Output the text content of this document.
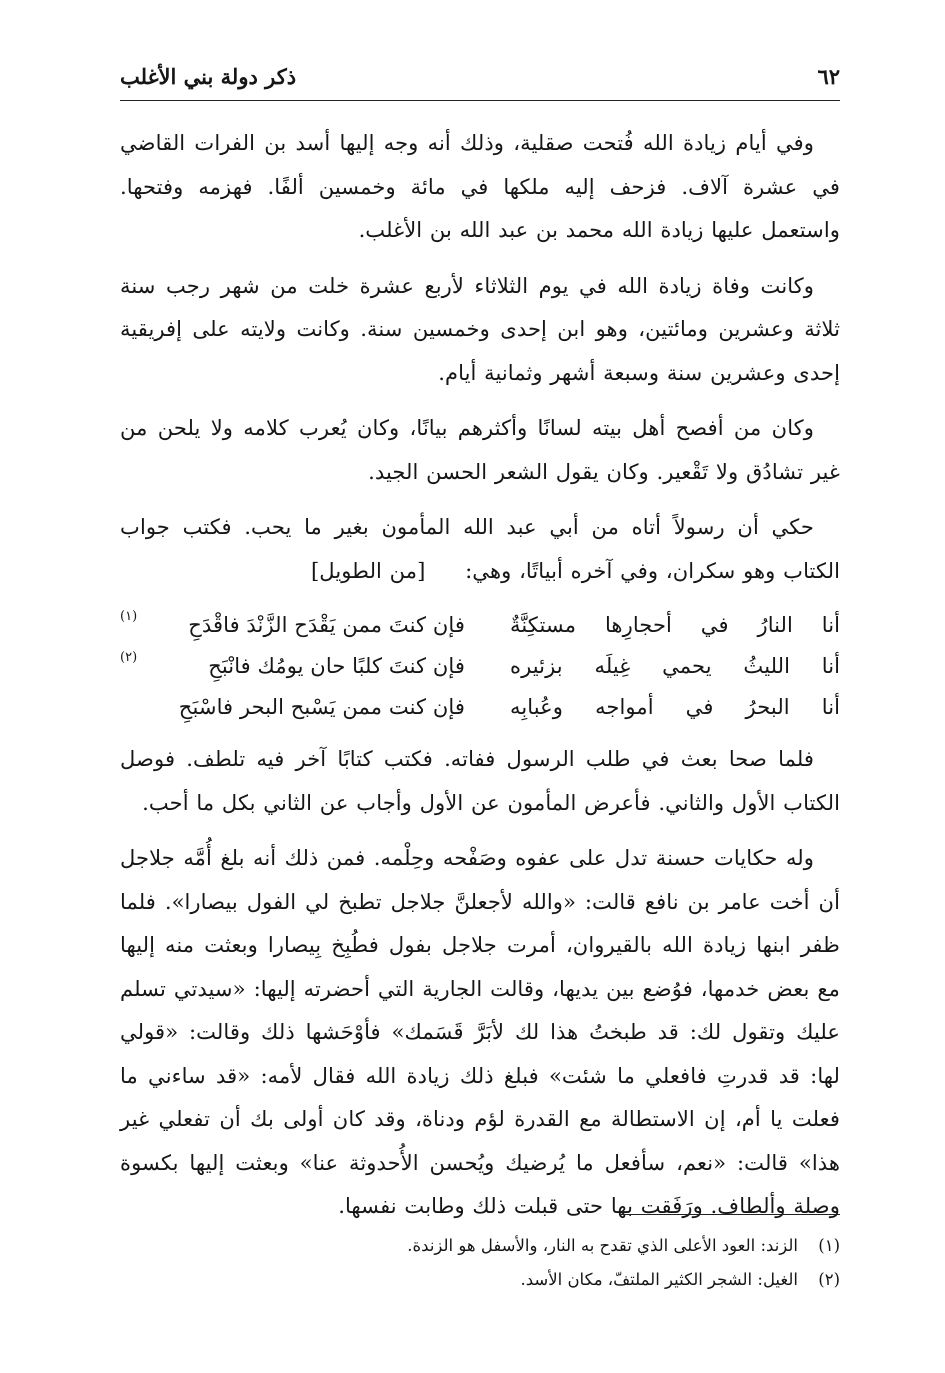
٦٢
ذكر دولة بني الأغلب

وفي أيام زيادة الله فُتحت صقلية، وذلك أنه وجه إليها أسد بن الفرات القاضي في عشرة آلاف. فزحف إليه ملكها في مائة وخمسين ألفًا. فهزمه وفتحها. واستعمل عليها زيادة الله محمد بن عبد الله بن الأغلب.

وكانت وفاة زيادة الله في يوم الثلاثاء لأربع عشرة خلت من شهر رجب سنة ثلاثة وعشرين ومائتين، وهو ابن إحدى وخمسين سنة. وكانت ولايته على إفريقية إحدى وعشرين سنة وسبعة أشهر وثمانية أيام.

وكان من أفصح أهل بيته لسانًا وأكثرهم بيانًا، وكان يُعرب كلامه ولا يلحن من غير تشادُق ولا تَقْعير. وكان يقول الشعر الحسن الجيد.

حكي أن رسولاً أتاه من أبي عبد الله المأمون بغير ما يحب. فكتب جواب الكتاب وهو سكران، وفي آخره أبياتًا، وهي: [من الطويل]

أنا النارُ في أحجارِها مستكِنَّةٌ
فإن كنتَ ممن يَقْدَح الزَّنْدَ فاقْدَحِ
(١)
أنا الليثُ يحمي غِيلَه بزئيره
فإن كنتَ كلبًا حان يومُك فانْبَحِ
(٢)
أنا البحرُ في أمواجه وعُبابِه
فإن كنت ممن يَسْبح البحر فاسْبَحِ

فلما صحا بعث في طلب الرسول ففاته. فكتب كتابًا آخر فيه تلطف. فوصل الكتاب الأول والثاني. فأعرض المأمون عن الأول وأجاب عن الثاني بكل ما أحب.

وله حكايات حسنة تدل على عفوه وصَفْحه وحِلْمه. فمن ذلك أنه بلغ أُمَّه جلاجل أن أخت عامر بن نافع قالت: «والله لأجعلنَّ جلاجل تطبخ لي الفول بيصارا». فلما ظفر ابنها زيادة الله بالقيروان، أمرت جلاجل بفول فطُبِخ بِيصارا وبعثت منه إليها مع بعض خدمها، فوُضع بين يديها، وقالت الجارية التي أحضرته إليها: «سيدتي تسلم عليك وتقول لك: قد طبختُ هذا لك لأبَرَّ قَسَمك» فأوْحَشها ذلك وقالت: «قولي لها: قد قدرتِ فافعلي ما شئت» فبلغ ذلك زيادة الله فقال لأمه: «قد ساءني ما فعلت يا أم، إن الاستطالة مع القدرة لؤم ودناة، وقد كان أولى بك أن تفعلي غير هذا» قالت: «نعم، سأفعل ما يُرضيك ويُحسن الأُحدوثة عنا» وبعثت إليها بكسوة وصلة وألطاف. ورَفَقت بها حتى قبلت ذلك وطابت نفسها.

(١)الزند: العود الأعلى الذي تقدح به النار، والأسفل هو الزندة.
(٢)الغيل: الشجر الكثير الملتفّ، مكان الأسد.
